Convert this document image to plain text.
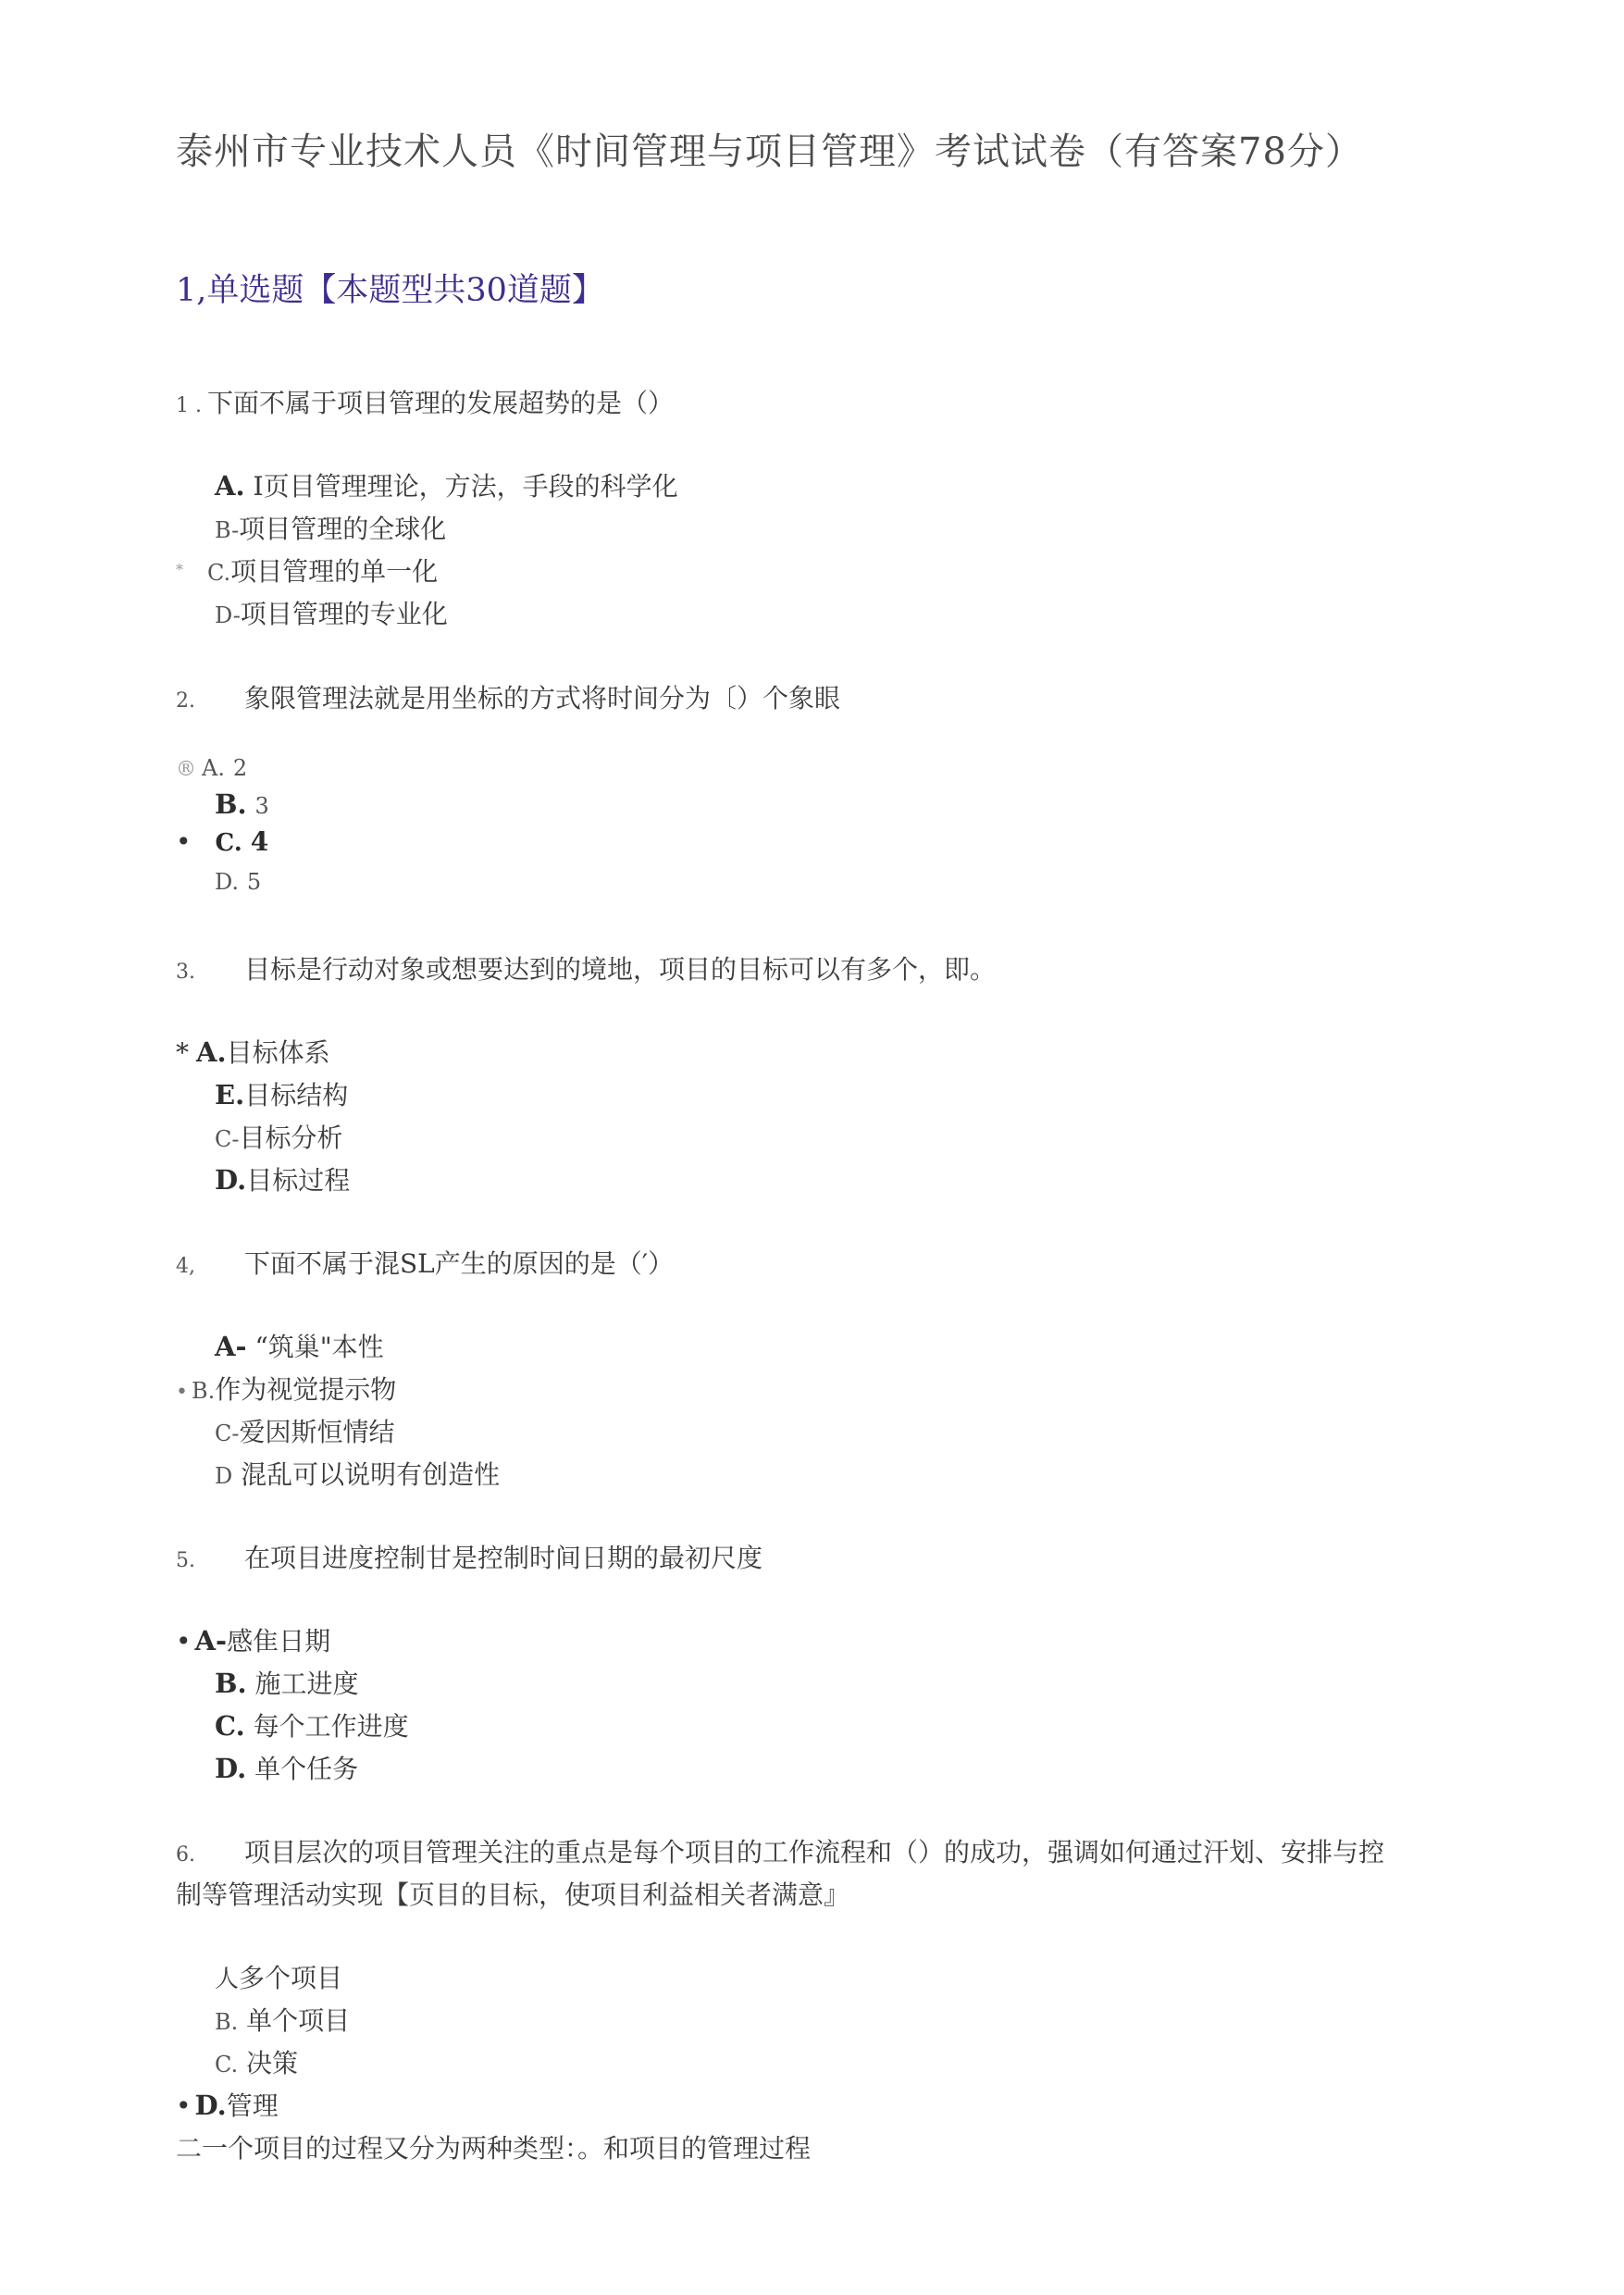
泰州市专业技术人员《时间管理与项目管理》考试试卷（有答案78分）
1,单选题【本题型共30道题】
1 . 下面不属于项目管理的发展超势的是（）
A. I页目管理理论，方法，手段的科学化
B-项目管理的全球化
* C.项目管理的单一化
D-项目管理的专业化
2. 象限管理法就是用坐标的方式将时间分为〔）个象眼
® A. 2
B. 3
• C. 4
D. 5
3. 目标是行动对象或想要达到的境地，项目的目标可以有多个，即。
* A.目标体系
E.目标结构
C-目标分析
D.目标过程
4, 下面不属于混SL产生的原因的是（′）
A- “筑巢"本性
• B.作为视觉提示物
C-爱因斯恒情结
D 混乱可以说明有创造性
5. 在项目进度控制甘是控制时间日期的最初尺度
• A-感隹日期
B. 施工进度
C. 每个工作进度
D. 单个任务
6. 项目层次的项目管理关注的重点是每个项目的工作流程和（）的成功，强调如何通过汗划、安排与控
制等管理活动实现【页目的目标，使项目利益相关者满意』
人多个项目
B. 单个项目
C. 决策
• D.管理
二一个项目的过程又分为两种类型：。和项目的管理过程
